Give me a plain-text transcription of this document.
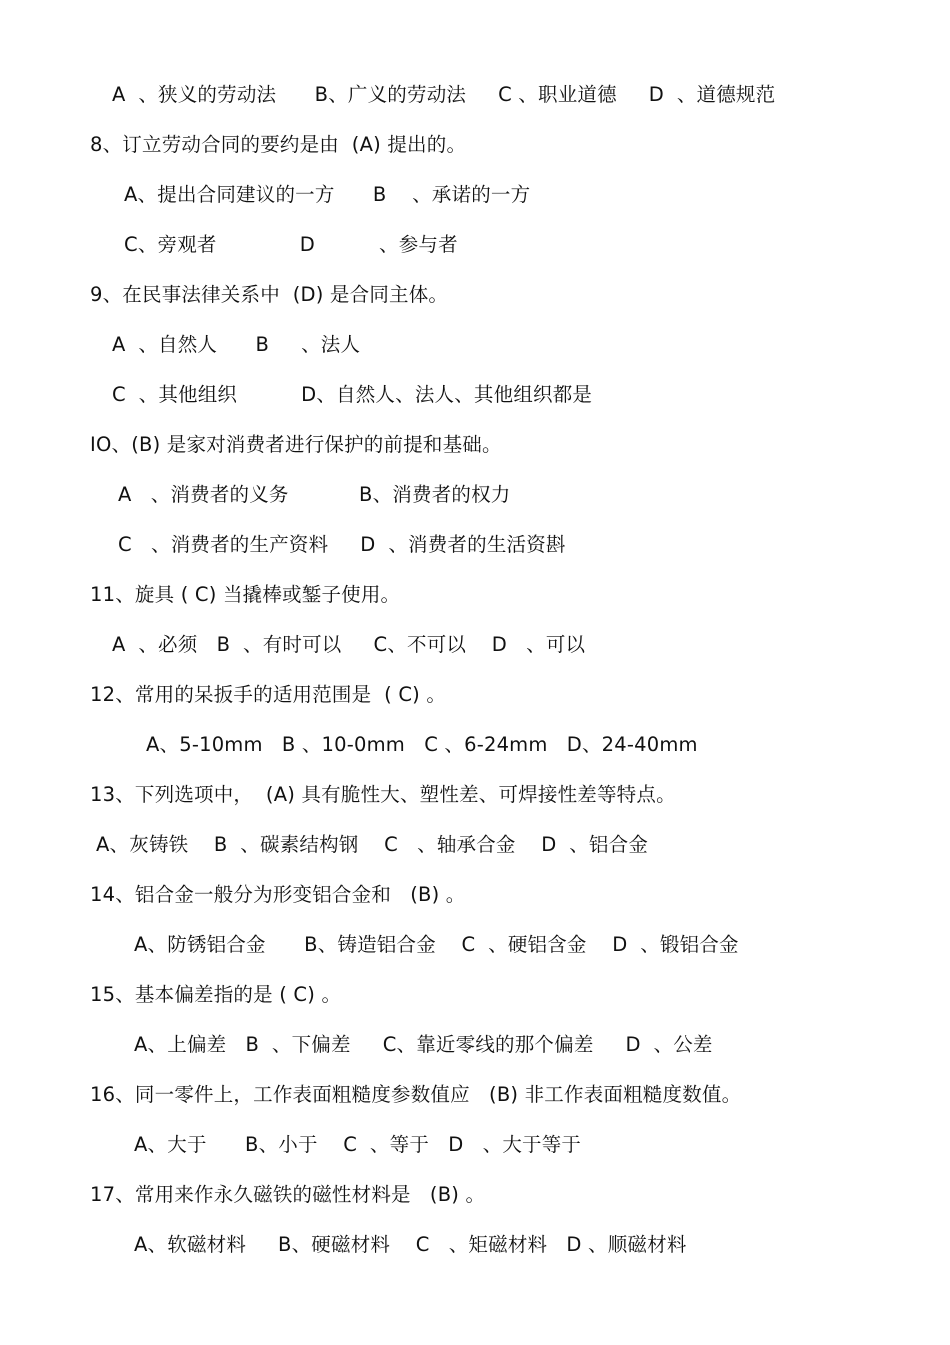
A  、狭义的劳动法      B、广义的劳动法     C 、职业道德     D  、道德规范
8、订立劳动合同的要约是由  (A) 提出的。
A、提出合同建议的一方      B    、承诺的一方
C、旁观者             D          、参与者
9、在民事法律关系中  (D) 是合同主体。
A  、自然人      B     、法人
C  、其他组织          D、自然人、法人、其他组织都是
IO、(B) 是家对消费者进行保护的前提和基础。
A   、消费者的义务           B、消费者的权力
C   、消费者的生产资料     D  、消费者的生活资斟
11、旋具 ( C) 当撬棒或錾子使用。
A  、必须   B  、有时可以     C、不可以    D   、可以
12、常用的呆扳手的适用范围是  ( C) 。
A、5-10mm   B 、10-0mm   C 、6-24mm   D、24-40mm
13、下列选项中，  (A) 具有脆性大、塑性差、可焊接性差等特点。
A、灰铸铁    B  、碳素结构钢    C   、轴承合金    D  、铝合金
14、铝合金一般分为形变铝合金和   (B) 。
A、防锈铝合金      B、铸造铝合金    C  、硬铝含金    D  、锻铝合金
15、基本偏差指的是 ( C) 。
A、上偏差   B  、下偏差     C、靠近零线的那个偏差     D  、公差
16、同一零件上，工作表面粗糙度参数值应   (B) 非工作表面粗糙度数值。
A、大于      B、小于    C  、等于   D   、大于等于
17、常用来作永久磁铁的磁性材料是   (B) 。
A、软磁材料     B、硬磁材料    C   、矩磁材料   D 、顺磁材料
